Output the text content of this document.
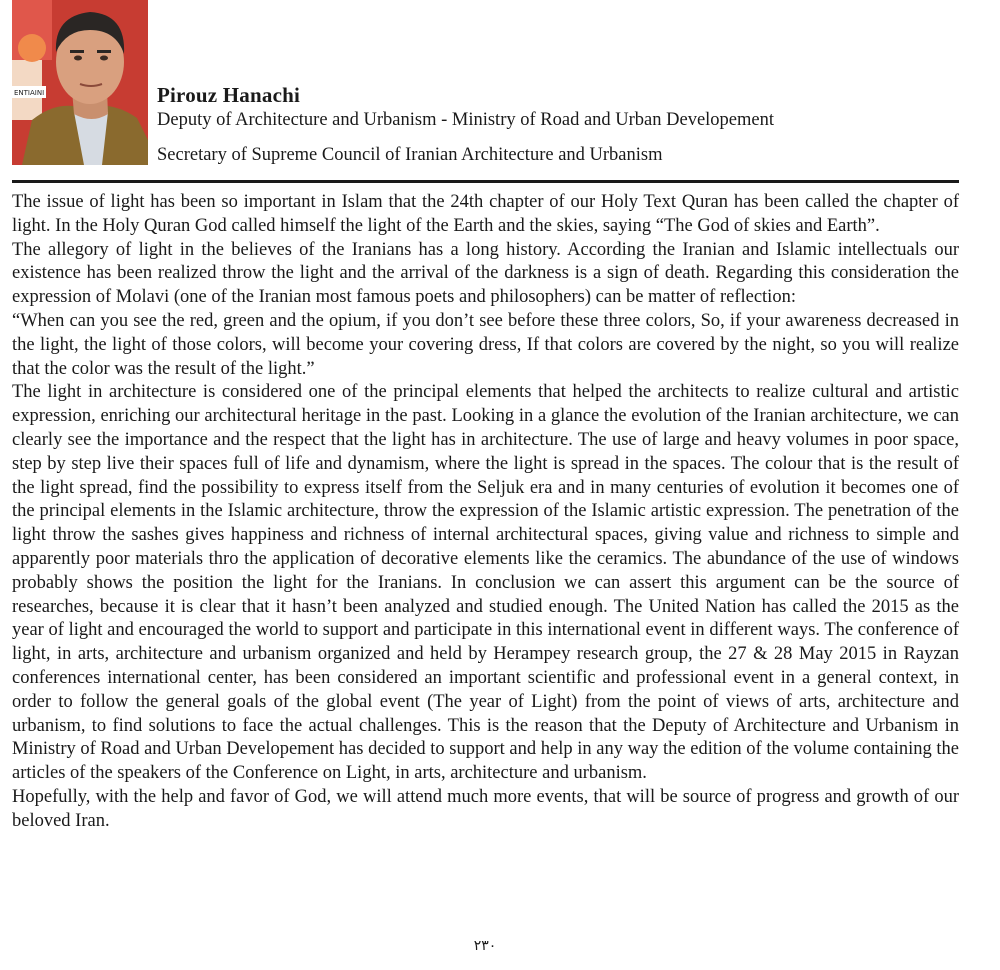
ENTIAINI	Pirouz Hanachi
Deputy of Architecture and Urbanism - Ministry of Road and Urban Developement
Secretary of Supreme Council of Iranian Architecture and Urbanism

The issue of light has been so important in Islam that the 24th chapter of our Holy Text Quran has been called the chapter of light. In the Holy Quran God called himself the light of the Earth and the skies, saying “The God of skies and Earth”.

The allegory of light in the believes of the Iranians has a long history. According the Iranian and Islamic intellectuals our existence has been realized throw the light and the arrival of the darkness is a sign of death. Regarding this consideration the expression of Molavi (one of the Iranian most famous poets and philosophers) can be matter of reflection:

“When can you see the red, green and the opium, if you don’t see before these three colors, So, if your awareness decreased in the light, the light of those colors, will become your covering dress, If that colors are covered by the night, so you will realize that the color was the result of the light.”

The light in architecture is considered one of the principal elements that helped the architects to realize cultural and artistic expression, enriching our architectural heritage in the past. Looking in a glance the evolution of the Iranian architecture, we can clearly see the importance and the respect that the light has in architecture. The use of large and heavy volumes in poor space, step by step live their spaces full of life and dynamism, where the light is spread in the spaces. The colour that is the result of the light spread, find the possibility to express itself from the Seljuk era and in many centuries of evolution it becomes one of the principal elements in the Islamic architecture, throw the expression of the Islamic artistic expression. The penetration of the light throw the sashes gives happiness and richness of internal architectural spaces, giving value and richness to simple and apparently poor materials thro the application of decorative elements like the ceramics. The abundance of the use of windows probably shows the position the light for the Iranians. In conclusion we can assert this argument can be the source of researches, because it is clear that it hasn’t been analyzed and studied enough. The United Nation has called the 2015 as the year of light and encouraged the world to support and participate in this international event in different ways. The conference of light, in arts, architecture and urbanism organized and held by Herampey research group, the 27 & 28 May 2015 in Rayzan conferences international center, has been considered an important scientific and professional event in a general context, in order to follow the general goals of the global event (The year of Light) from the point of views of arts, architecture and urbanism, to find solutions to face the actual challenges. This is the reason that the Deputy of Architecture and Urbanism in Ministry of Road and Urban Developement has decided to support and help in any way the edition of the volume containing the articles of the speakers of the Conference on Light, in arts, architecture and urbanism.

Hopefully, with the help and favor of God, we will attend much more events, that will be source of progress and growth of our beloved Iran.

۲۳۰
